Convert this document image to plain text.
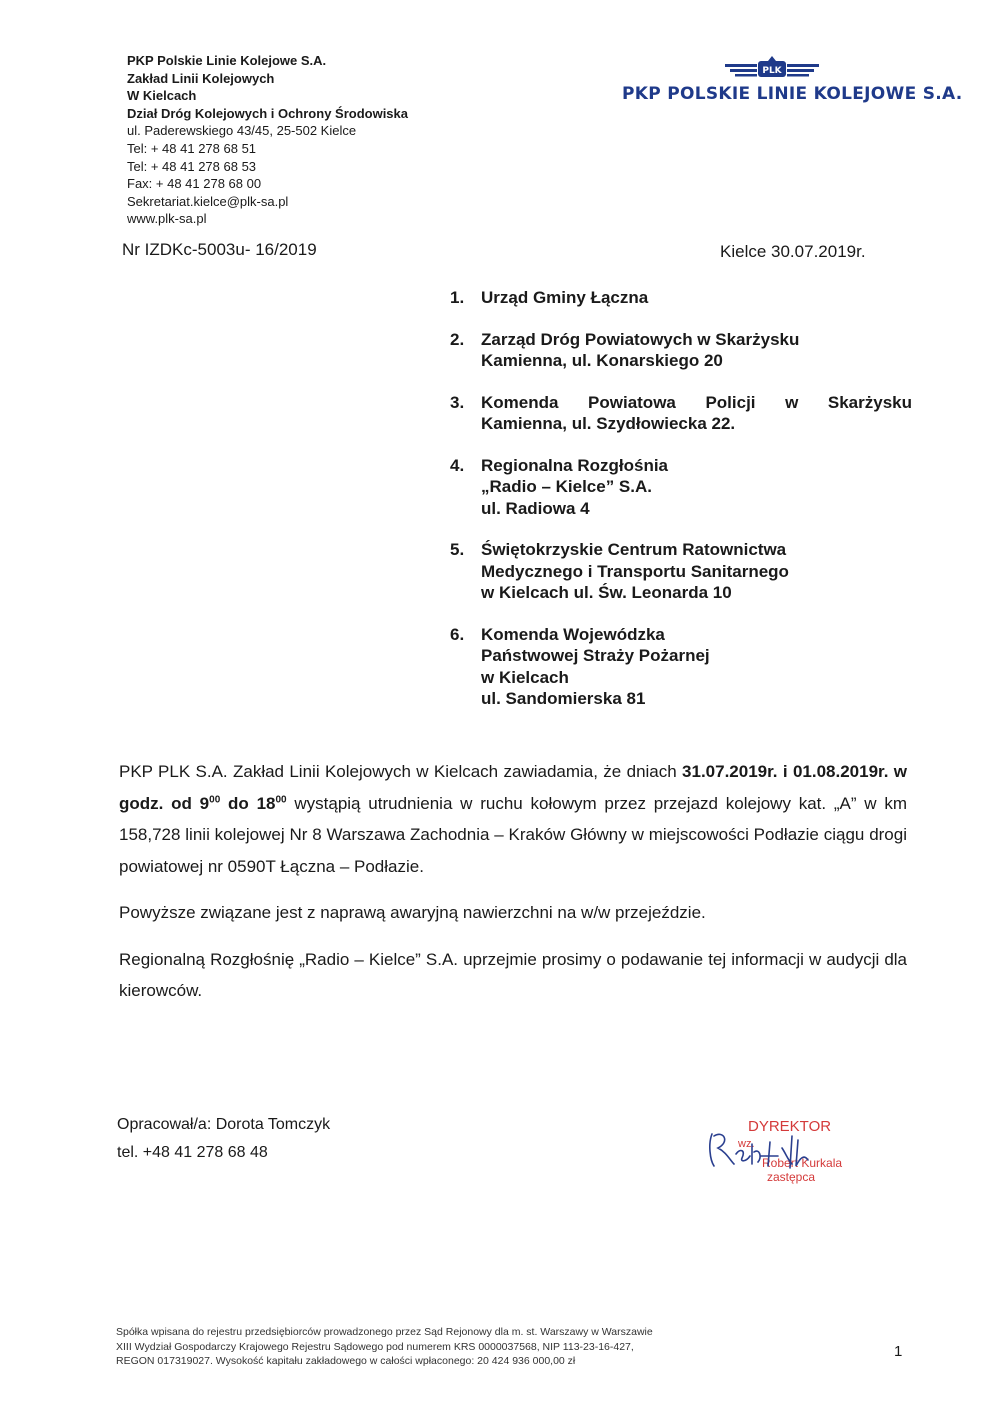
PKP Polskie Linie Kolejowe S.A.
Zakład Linii Kolejowych
W Kielcach
Dział Dróg Kolejowych i Ochrony Środowiska
ul. Paderewskiego 43/45, 25-502 Kielce
Tel: + 48 41 278 68 51
Tel: + 48 41 278 68 53
Fax: + 48 41 278 68 00
Sekretariat.kielce@plk-sa.pl
www.plk-sa.pl
PLK
PKP POLSKIE LINIE KOLEJOWE S.A.
Nr IZDKc-5003u- 16/2019	Kielce 30.07.2019r.
1. Urząd Gminy Łączna
2. Zarząd Dróg Powiatowych w Skarżysku
Kamienna, ul. Konarskiego 20
3. Komenda Powiatowa Policji w Skarżysku
Kamienna, ul. Szydłowiecka 22.
4. Regionalna Rozgłośnia
„Radio – Kielce” S.A.
ul. Radiowa 4
5. Świętokrzyskie Centrum Ratownictwa
Medycznego i Transportu Sanitarnego
w Kielcach ul. Św. Leonarda 10
6. Komenda Wojewódzka
Państwowej Straży Pożarnej
w Kielcach
ul. Sandomierska 81

PKP PLK S.A. Zakład Linii Kolejowych w Kielcach zawiadamia, że dniach 31.07.2019r. i 01.08.2019r. w godz. od $9^{00}$ do $18^{00}$ wystąpią utrudnienia w ruchu kołowym przez przejazd kolejowy kat. „A” w km 158,728 linii kolejowej Nr 8 Warszawa Zachodnia – Kraków Główny w miejscowości Podłazie ciągu drogi powiatowej nr 0590T Łączna – Podłazie.

Powyższe związane jest z naprawą awaryjną nawierzchni na w/w przejeździe.

Regionalną Rozgłośnię „Radio – Kielce” S.A. uprzejmie prosimy o podawanie tej informacji w audycji dla kierowców.

Opracował/a: Dorota Tomczyk
tel. +48 41 278 68 48
DYREKTOR
wz.
Robert Kurkala
zastępca
Spółka wpisana do rejestru przedsiębiorców prowadzonego przez Sąd Rejonowy dla m. st. Warszawy w Warszawie
XIII Wydział Gospodarczy Krajowego Rejestru Sądowego pod numerem KRS 0000037568, NIP 113-23-16-427,
REGON 017319027. Wysokość kapitału zakładowego w całości wpłaconego: 20 424 936 000,00 zł
1
